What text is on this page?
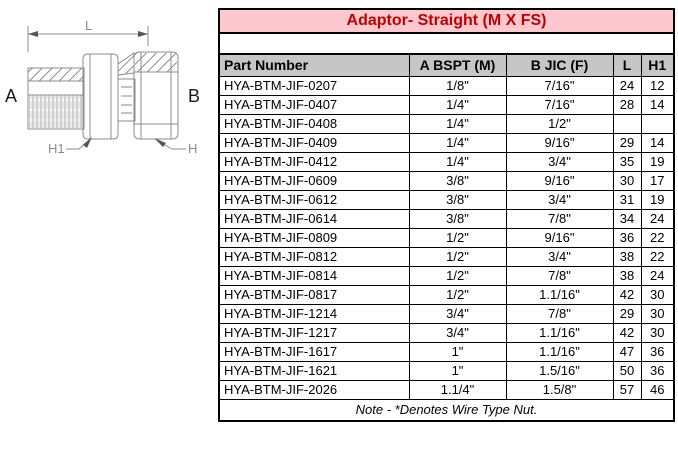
L
A	B
H1	H
Adaptor- Straight (M X FS)				

Part Number	A BSPT (M)	B JIC (F)	L	H1
HYA-BTM-JIF-0207	1/8"	7/16"	24	12
HYA-BTM-JIF-0407	1/4"	7/16"	28	14
HYA-BTM-JIF-0408	1/4"	1/2"		
HYA-BTM-JIF-0409	1/4"	9/16"	29	14
HYA-BTM-JIF-0412	1/4"	3/4"	35	19
HYA-BTM-JIF-0609	3/8"	9/16"	30	17
HYA-BTM-JIF-0612	3/8"	3/4"	31	19
HYA-BTM-JIF-0614	3/8"	7/8"	34	24
HYA-BTM-JIF-0809	1/2"	9/16"	36	22
HYA-BTM-JIF-0812	1/2"	3/4"	38	22
HYA-BTM-JIF-0814	1/2"	7/8"	38	24
HYA-BTM-JIF-0817	1/2"	1.1/16"	42	30
HYA-BTM-JIF-1214	3/4"	7/8"	29	30
HYA-BTM-JIF-1217	3/4"	1.1/16"	42	30
HYA-BTM-JIF-1617	1"	1.1/16"	47	36
HYA-BTM-JIF-1621	1"	1.5/16"	50	36
HYA-BTM-JIF-2026	1.1/4"	1.5/8"	57	46
Note - *Denotes Wire Type Nut.				
